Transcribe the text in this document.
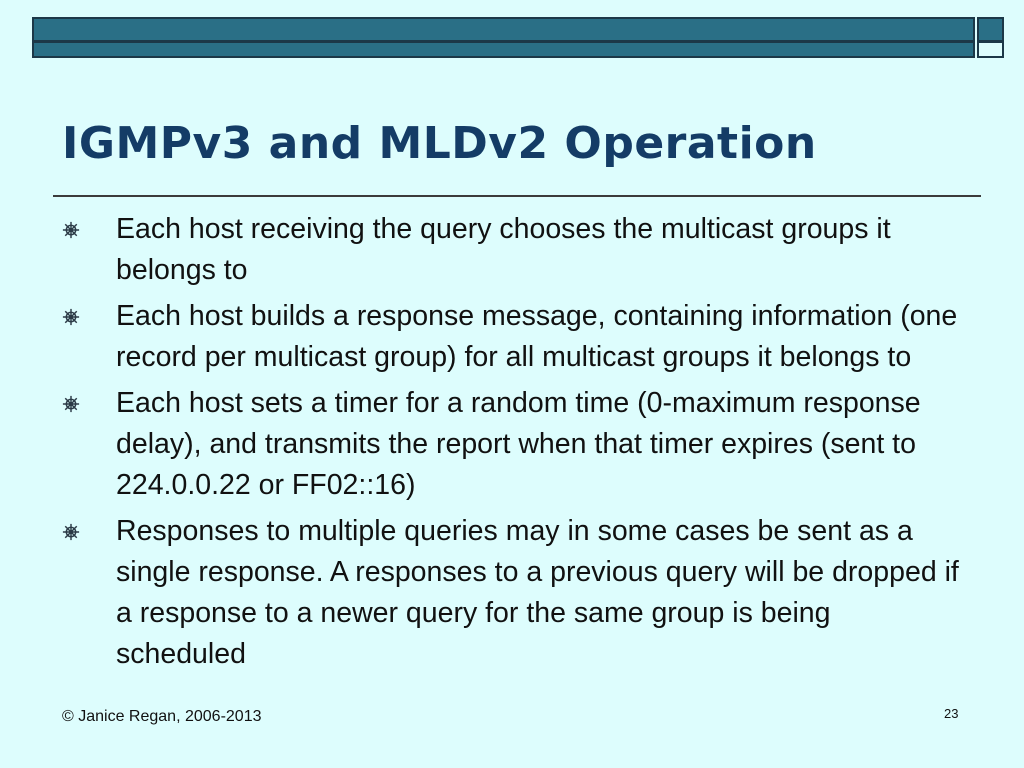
IGMPv3 and MLDv2 Operation
Each host receiving the query chooses the multicast groups it belongs to
Each host builds a response message, containing information (one record per multicast group) for all multicast groups it belongs to
Each host sets a timer for a random time (0-maximum response delay), and transmits the report when that timer expires (sent to 224.0.0.22 or FF02::16)
Responses to multiple queries may in some cases be sent as a single response. A responses to a previous query will be dropped if a response to a newer query for the same group is being scheduled
© Janice Regan, 2006-2013	23
